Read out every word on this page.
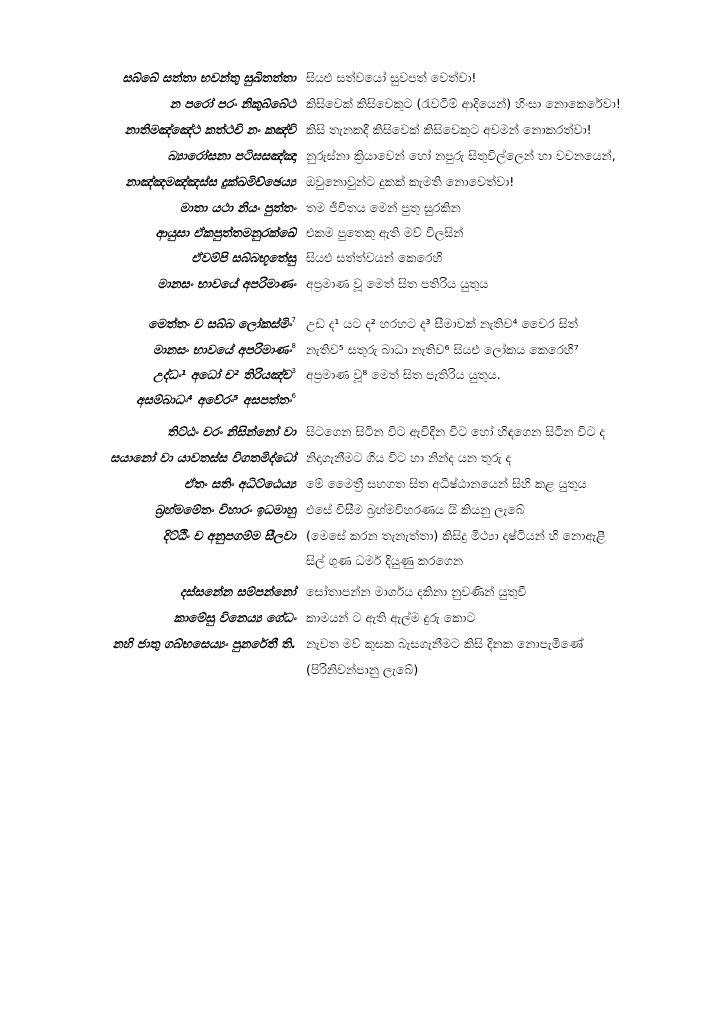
සබ්බේ සත්තා භවන්තු සුඛිතත්තා සියළු සත්වයෝ සුවපත් වෙත්වා!
න පරෝ පරං නිකුබ්බේථ කිසිවෙක් කිසිවෙකුට (රැවටීම් ආදියෙන්) හිංසා නොකෙරේවා!
නාතිමඤ්ඤේථ කත්ථචි නං කඤ්චි කිසි තැනකදී කිසිවෙක් කිසිවෙකුට අවමන් නොකරත්වා!
බ්‍යාරෝසනා පටිඝසඤ්ඤා නුරුස්නා ක්‍රියාවෙන් හෝ නපුරු සිතුවිල්ලෙන් හා වචනයෙන්,
නාඤ්ඤමඤ්ඤස්ස දුක්ඛමිච්ඡෙය්‍ය ඔවුනොවුන්ට දුකක් කැමති නොවෙත්වා!
මාතා යථා නියං පුත්තං තම ජීවිතය මෙන් පුතු සුරකින
ආයුසා ඒකපුත්තමනුරක්ඛේ එකම පුතෙකු ඇති මව් විලසින්
ඒවම්පි සබ්බභූතේසු සියළු සත්ත්වයන් කෙරෙහි
මානසං භාවයේ අපරිමාණං අප්‍රමාණ වූ මෙත් සිත පතිරිය යුතුය
මෙත්තං ච සබ්බ ලෝකස්මිං$^7$ උඩ ද¹ යට ද² හරහට ද³ සීමාවක් නැතිව⁴ වෛර සිත්
මානසං භාවයේ අපරිමාණං$^8$ නැතිව⁵ සතුරු බාධා නැතිව⁶ සියළු ලෝකය කෙරෙහි⁷
උද්ධං¹ අධෝ ච² තිරියඤ්ච$^3$ අප්‍රමාණ වූ⁸ මෙත් සිත පැතිරිය යුතුය.
අසම්බාධං⁴ අවේරං⁵ අසපත්තං$^6$
තිට්ඨං චරං නිසින්නෝ වා සිටගෙන සිටින විට ඇවිදින විට හෝ හිඳගෙන සිටින විට ද
සයානෝ වා යාවතස්ස විගතමිද්ධෝ නිදාගැනීමට ගිය විට හා නින්ද යන තුරු ද
ඒතං සතිං අධිට්ඨෙය්‍ය මේ මෛත්‍රී සහගත සිත අධිෂ්ඨානයෙන් සිහි කළ යුතුය
බ්‍රහ්මමේතං විහාරං ඉධමාහු එසේ විසීම බ්‍රහ්මවිහරණය යි කියනු ලැබේ
දිට්ඨිං ච අනුපගම්ම සීලවා (මෙසේ කරන තැනැත්තා) කිසිදු මිථ්‍යා දෘෂ්ටියන් හි නොඇළී
සිල් ගුණ ධර්ම දියුණු කරගෙන
දස්සනේන සම්පන්නෝ සෝතාපන්න මාර්ගය දකිනා නුවණින් යුතුවී
කාමේසු විනෙය්‍ය ගේධං කාමයන් ට ඇති ඇල්ම දුරු කොට
නහි ජාතු ගබ්භසෙය්‍යං පුනරේතී ති. නැවත මව් කුසක බැසගැනීමට කිසි දිනක නොපැමිණේ
(පිරිනිවන්පානු ලැබේ)
